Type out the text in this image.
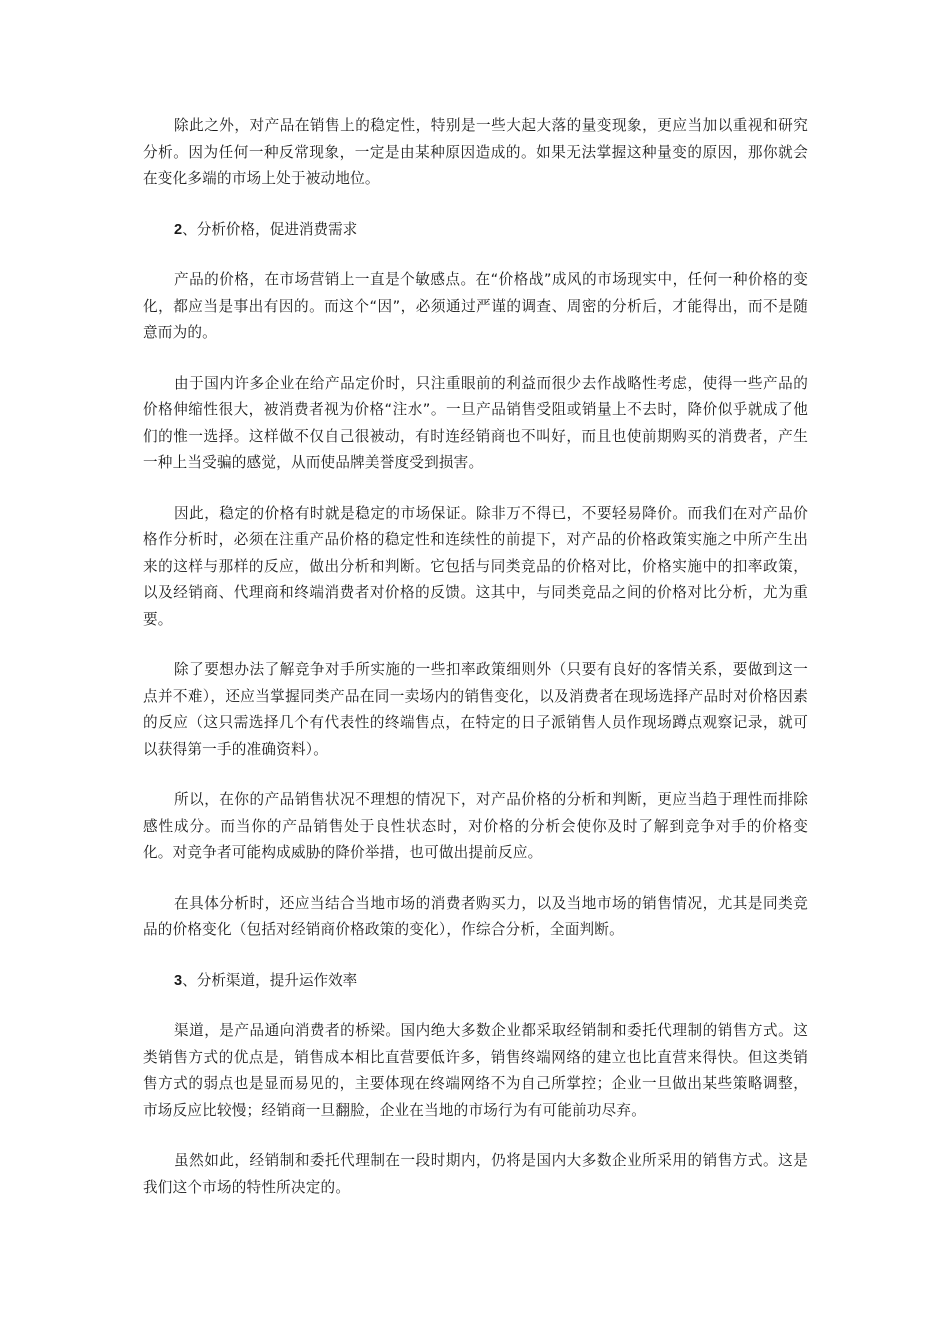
除此之外，对产品在销售上的稳定性，特别是一些大起大落的量变现象，更应当加以重视和研究分析。因为任何一种反常现象，一定是由某种原因造成的。如果无法掌握这种量变的原因，那你就会在变化多端的市场上处于被动地位。

2、分析价格，促进消费需求

产品的价格，在市场营销上一直是个敏感点。在“价格战”成风的市场现实中，任何一种价格的变化，都应当是事出有因的。而这个“因”，必须通过严谨的调查、周密的分析后，才能得出，而不是随意而为的。

由于国内许多企业在给产品定价时，只注重眼前的利益而很少去作战略性考虑，使得一些产品的价格伸缩性很大，被消费者视为价格“注水”。一旦产品销售受阻或销量上不去时，降价似乎就成了他们的惟一选择。这样做不仅自己很被动，有时连经销商也不叫好，而且也使前期购买的消费者，产生一种上当受骗的感觉，从而使品牌美誉度受到损害。

因此，稳定的价格有时就是稳定的市场保证。除非万不得已，不要轻易降价。而我们在对产品价格作分析时，必须在注重产品价格的稳定性和连续性的前提下，对产品的价格政策实施之中所产生出来的这样与那样的反应，做出分析和判断。它包括与同类竞品的价格对比，价格实施中的扣率政策，以及经销商、代理商和终端消费者对价格的反馈。这其中，与同类竞品之间的价格对比分析，尤为重要。

除了要想办法了解竞争对手所实施的一些扣率政策细则外（只要有良好的客情关系，要做到这一点并不难），还应当掌握同类产品在同一卖场内的销售变化，以及消费者在现场选择产品时对价格因素的反应（这只需选择几个有代表性的终端售点，在特定的日子派销售人员作现场蹲点观察记录，就可以获得第一手的准确资料）。

所以，在你的产品销售状况不理想的情况下，对产品价格的分析和判断，更应当趋于理性而排除感性成分。而当你的产品销售处于良性状态时，对价格的分析会使你及时了解到竞争对手的价格变化。对竞争者可能构成威胁的降价举措，也可做出提前反应。

在具体分析时，还应当结合当地市场的消费者购买力，以及当地市场的销售情况，尤其是同类竞品的价格变化（包括对经销商价格政策的变化），作综合分析，全面判断。

3、分析渠道，提升运作效率

渠道，是产品通向消费者的桥梁。国内绝大多数企业都采取经销制和委托代理制的销售方式。这类销售方式的优点是，销售成本相比直营要低许多，销售终端网络的建立也比直营来得快。但这类销售方式的弱点也是显而易见的，主要体现在终端网络不为自己所掌控；企业一旦做出某些策略调整，市场反应比较慢；经销商一旦翻脸，企业在当地的市场行为有可能前功尽弃。

虽然如此，经销制和委托代理制在一段时期内，仍将是国内大多数企业所采用的销售方式。这是我们这个市场的特性所决定的。
